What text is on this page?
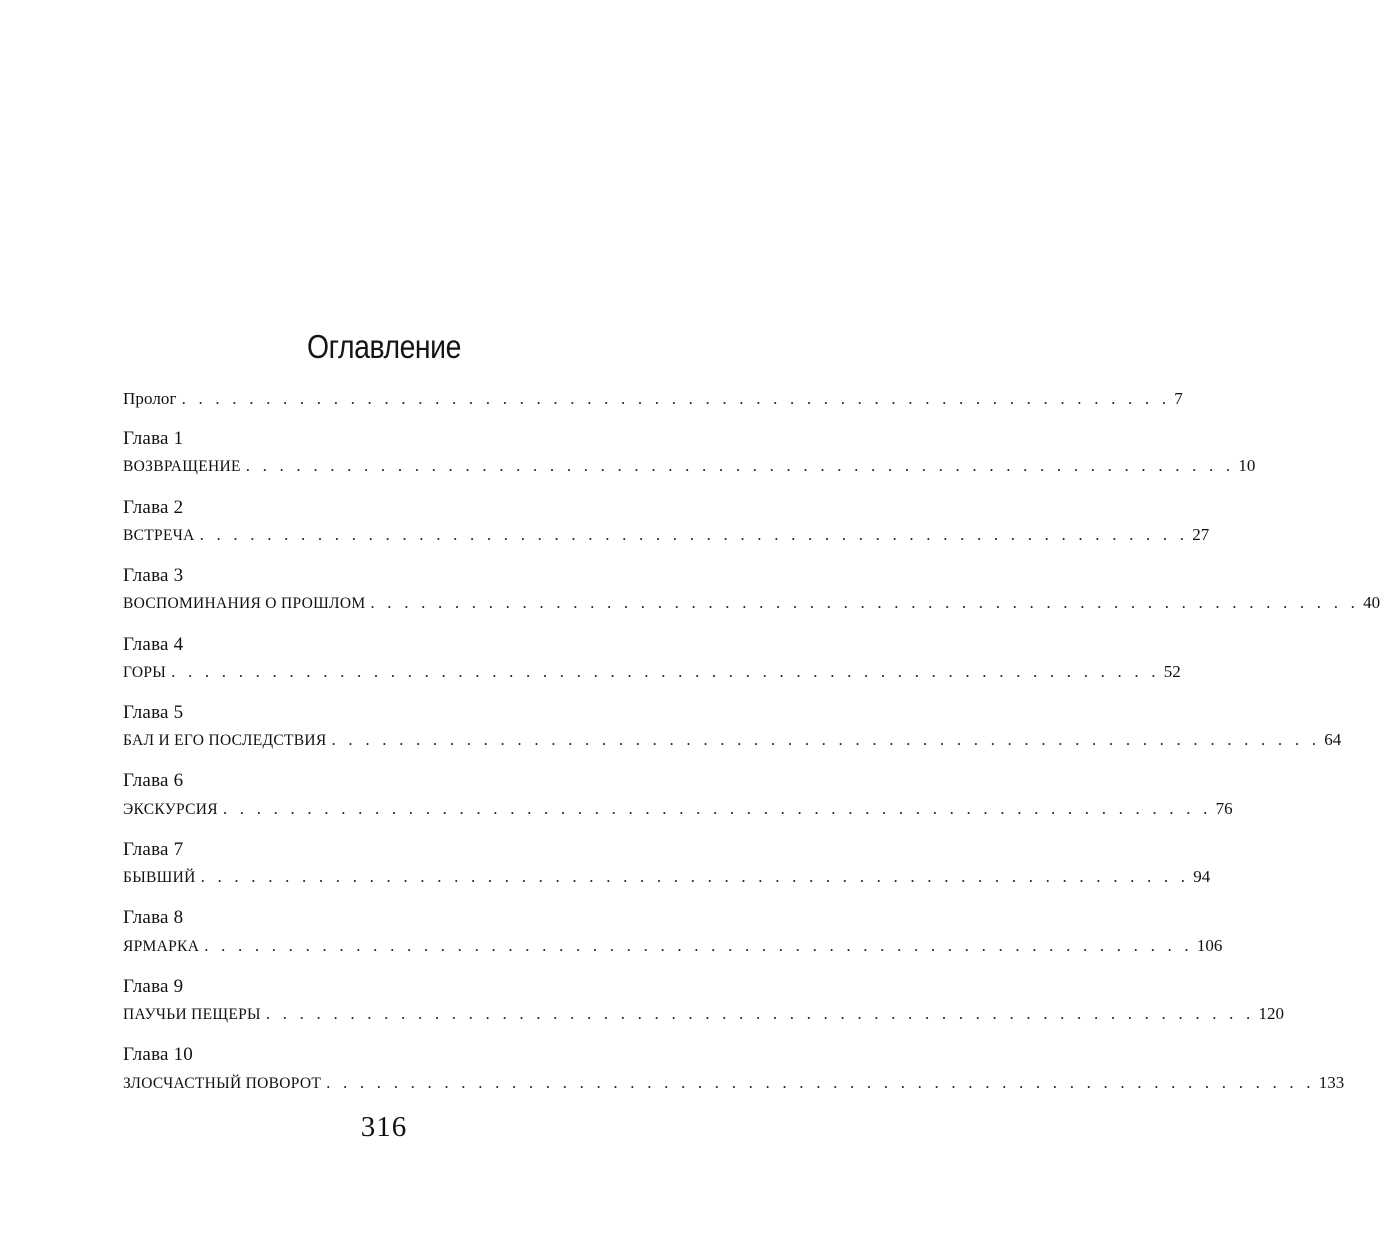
Оглавление
Пролог . . . . . . . . . . . . . . . . . . . . . . . . . . . . . . . . . . . . . . . . . . . . . . . . . . . . . . . . . . . 7
Глава 1
ВОЗВРАЩЕНИЕ . . . . . . . . . . . . . . . . . . . . . . . . . . . . . . . . . . . . . . . . . . . . . . . . . . . . . . . . . . . 10
Глава 2
ВСТРЕЧА . . . . . . . . . . . . . . . . . . . . . . . . . . . . . . . . . . . . . . . . . . . . . . . . . . . . . . . . . . . 27
Глава 3
ВОСПОМИНАНИЯ О ПРОШЛОМ . . . . . . . . . . . . . . . . . . . . . . . . . . . . . . . . . . . . . . . . . . . . . . . . . . . . . . . . . . . 40
Глава 4
ГОРЫ . . . . . . . . . . . . . . . . . . . . . . . . . . . . . . . . . . . . . . . . . . . . . . . . . . . . . . . . . . . 52
Глава 5
БАЛ И ЕГО ПОСЛЕДСТВИЯ . . . . . . . . . . . . . . . . . . . . . . . . . . . . . . . . . . . . . . . . . . . . . . . . . . . . . . . . . . . 64
Глава 6
ЭКСКУРСИЯ . . . . . . . . . . . . . . . . . . . . . . . . . . . . . . . . . . . . . . . . . . . . . . . . . . . . . . . . . . . 76
Глава 7
БЫВШИЙ . . . . . . . . . . . . . . . . . . . . . . . . . . . . . . . . . . . . . . . . . . . . . . . . . . . . . . . . . . . 94
Глава 8
ЯРМАРКА . . . . . . . . . . . . . . . . . . . . . . . . . . . . . . . . . . . . . . . . . . . . . . . . . . . . . . . . . . . 106
Глава 9
ПАУЧЬИ ПЕЩЕРЫ . . . . . . . . . . . . . . . . . . . . . . . . . . . . . . . . . . . . . . . . . . . . . . . . . . . . . . . . . . . 120
Глава 10
ЗЛОСЧАСТНЫЙ ПОВОРОТ . . . . . . . . . . . . . . . . . . . . . . . . . . . . . . . . . . . . . . . . . . . . . . . . . . . . . . . . . . . 133
316
